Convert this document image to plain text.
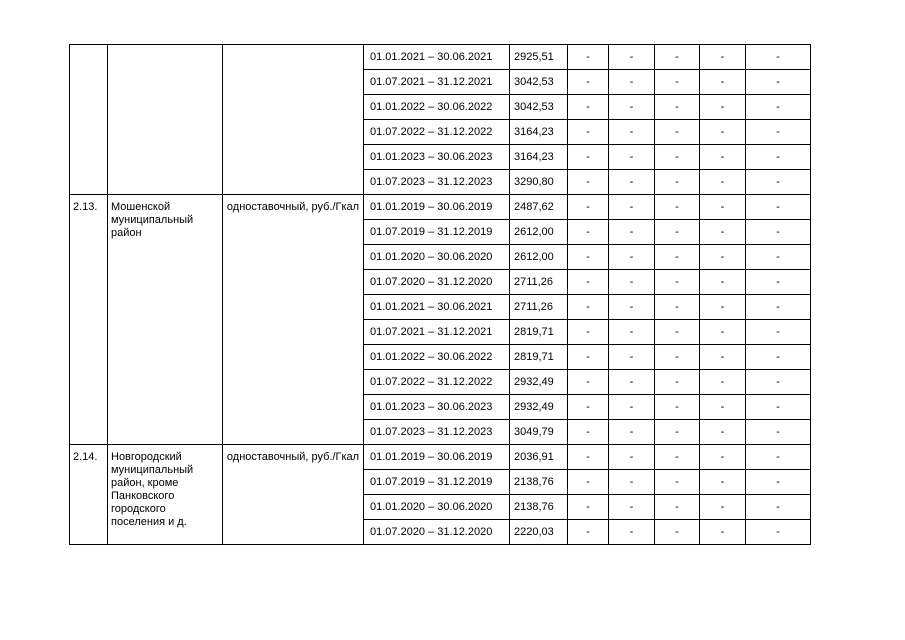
			01.01.2021 – 30.06.2021	2925,51	-	-	-	-	-
			01.07.2021 – 31.12.2021	3042,53	-	-	-	-	-
			01.01.2022 – 30.06.2022	3042,53	-	-	-	-	-
			01.07.2022 – 31.12.2022	3164,23	-	-	-	-	-
			01.01.2023 – 30.06.2023	3164,23	-	-	-	-	-
			01.07.2023 – 31.12.2023	3290,80	-	-	-	-	-
2.13.	Мошенской муниципальный район	одноставочный, руб./Гкал	01.01.2019 – 30.06.2019	2487,62	-	-	-	-	-
			01.07.2019 – 31.12.2019	2612,00	-	-	-	-	-
			01.01.2020 – 30.06.2020	2612,00	-	-	-	-	-
			01.07.2020 – 31.12.2020	2711,26	-	-	-	-	-
			01.01.2021 – 30.06.2021	2711,26	-	-	-	-	-
			01.07.2021 – 31.12.2021	2819,71	-	-	-	-	-
			01.01.2022 – 30.06.2022	2819,71	-	-	-	-	-
			01.07.2022 – 31.12.2022	2932,49	-	-	-	-	-
			01.01.2023 – 30.06.2023	2932,49	-	-	-	-	-
			01.07.2023 – 31.12.2023	3049,79	-	-	-	-	-
2.14.	Новгородский муниципальный район, кроме Панковского городского поселения и д.	одноставочный, руб./Гкал	01.01.2019 – 30.06.2019	2036,91	-	-	-	-	-
			01.07.2019 – 31.12.2019	2138,76	-	-	-	-	-
			01.01.2020 – 30.06.2020	2138,76	-	-	-	-	-
			01.07.2020 – 31.12.2020	2220,03	-	-	-	-	-
